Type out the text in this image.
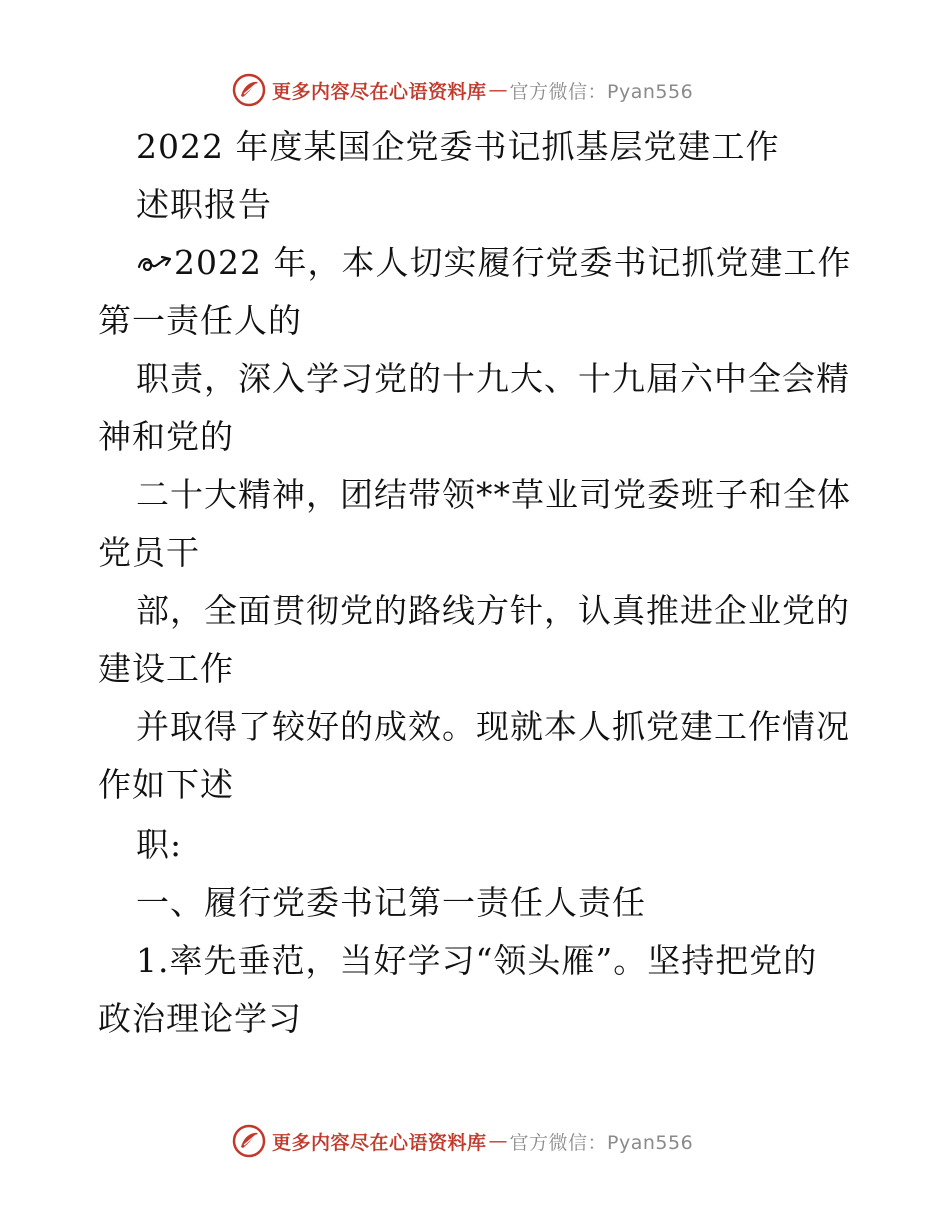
更多内容尽在心语资料库 — 官方微信：Pyan556
2022 年度某国企党委书记抓基层党建工作
述职报告
2022 年，本人切实履行党委书记抓党建工作
第一责任人的
职责，深入学习党的十九大、十九届六中全会精
神和党的
二十大精神，团结带领**草业司党委班子和全体
党员干
部，全面贯彻党的路线方针，认真推进企业党的
建设工作
并取得了较好的成效。现就本人抓党建工作情况
作如下述
职:
一、履行党委书记第一责任人责任
1.率先垂范，当好学习“领头雁”。坚持把党的
政治理论学习
更多内容尽在心语资料库 — 官方微信：Pyan556
